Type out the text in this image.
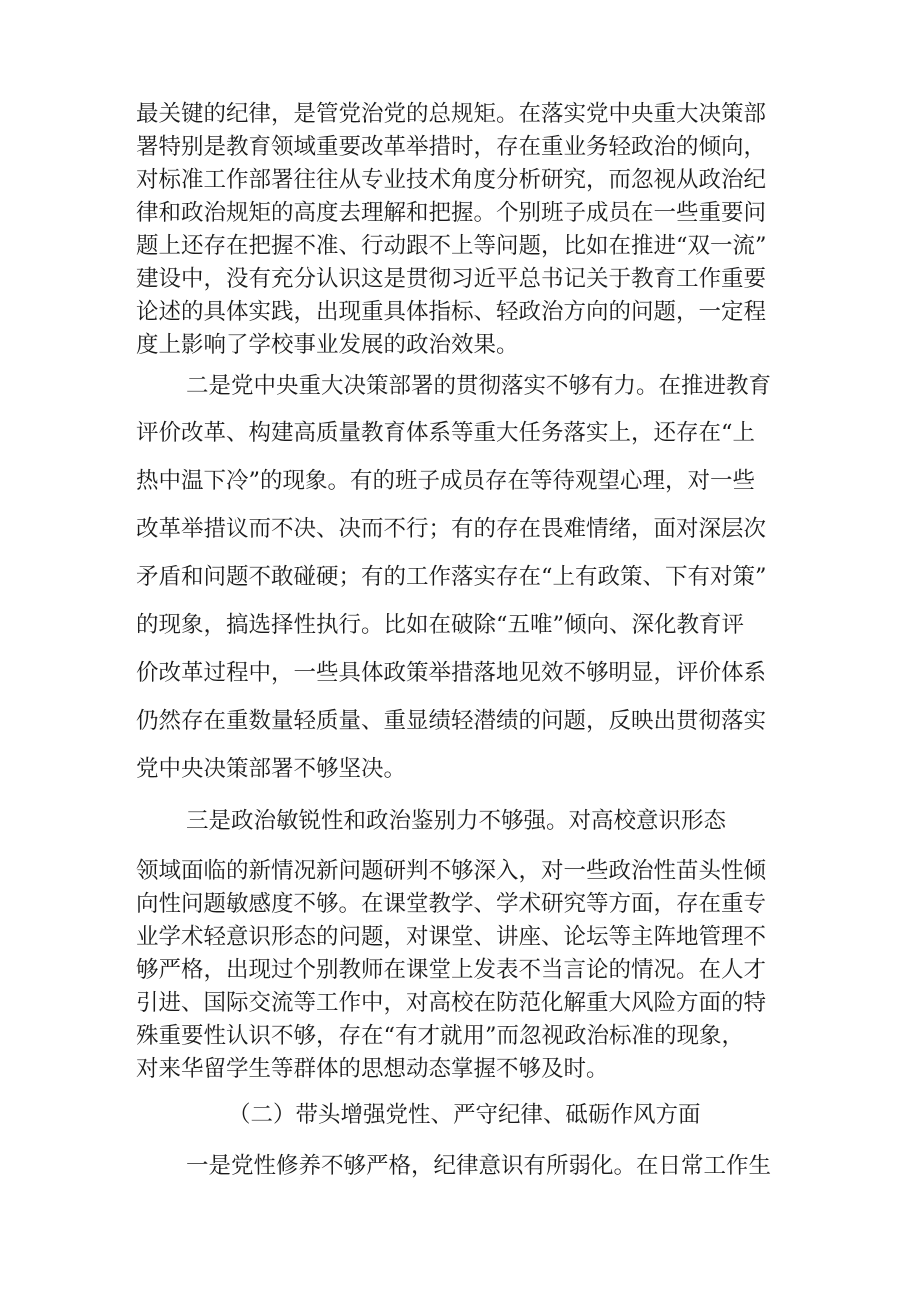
最关键的纪律，是管党治党的总规矩。在落实党中央重大决策部
署特别是教育领域重要改革举措时，存在重业务轻政治的倾向，
对标准工作部署往往从专业技术角度分析研究，而忽视从政治纪
律和政治规矩的高度去理解和把握。个别班子成员在一些重要问
题上还存在把握不准、行动跟不上等问题，比如在推进“双一流”
建设中，没有充分认识这是贯彻习近平总书记关于教育工作重要
论述的具体实践，出现重具体指标、轻政治方向的问题，一定程
度上影响了学校事业发展的政治效果。
二是党中央重大决策部署的贯彻落实不够有力。在推进教育
评价改革、构建高质量教育体系等重大任务落实上，还存在“上
热中温下冷”的现象。有的班子成员存在等待观望心理，对一些
改革举措议而不决、决而不行；有的存在畏难情绪，面对深层次
矛盾和问题不敢碰硬；有的工作落实存在“上有政策、下有对策”
的现象，搞选择性执行。比如在破除“五唯”倾向、深化教育评
价改革过程中，一些具体政策举措落地见效不够明显，评价体系
仍然存在重数量轻质量、重显绩轻潜绩的问题，反映出贯彻落实
党中央决策部署不够坚决。
三是政治敏锐性和政治鉴别力不够强。对高校意识形态
领域面临的新情况新问题研判不够深入，对一些政治性苗头性倾
向性问题敏感度不够。在课堂教学、学术研究等方面，存在重专
业学术轻意识形态的问题，对课堂、讲座、论坛等主阵地管理不
够严格，出现过个别教师在课堂上发表不当言论的情况。在人才
引进、国际交流等工作中，对高校在防范化解重大风险方面的特
殊重要性认识不够，存在“有才就用”而忽视政治标准的现象，
对来华留学生等群体的思想动态掌握不够及时。
（二）带头增强党性、严守纪律、砥砺作风方面
一是党性修养不够严格，纪律意识有所弱化。在日常工作生
